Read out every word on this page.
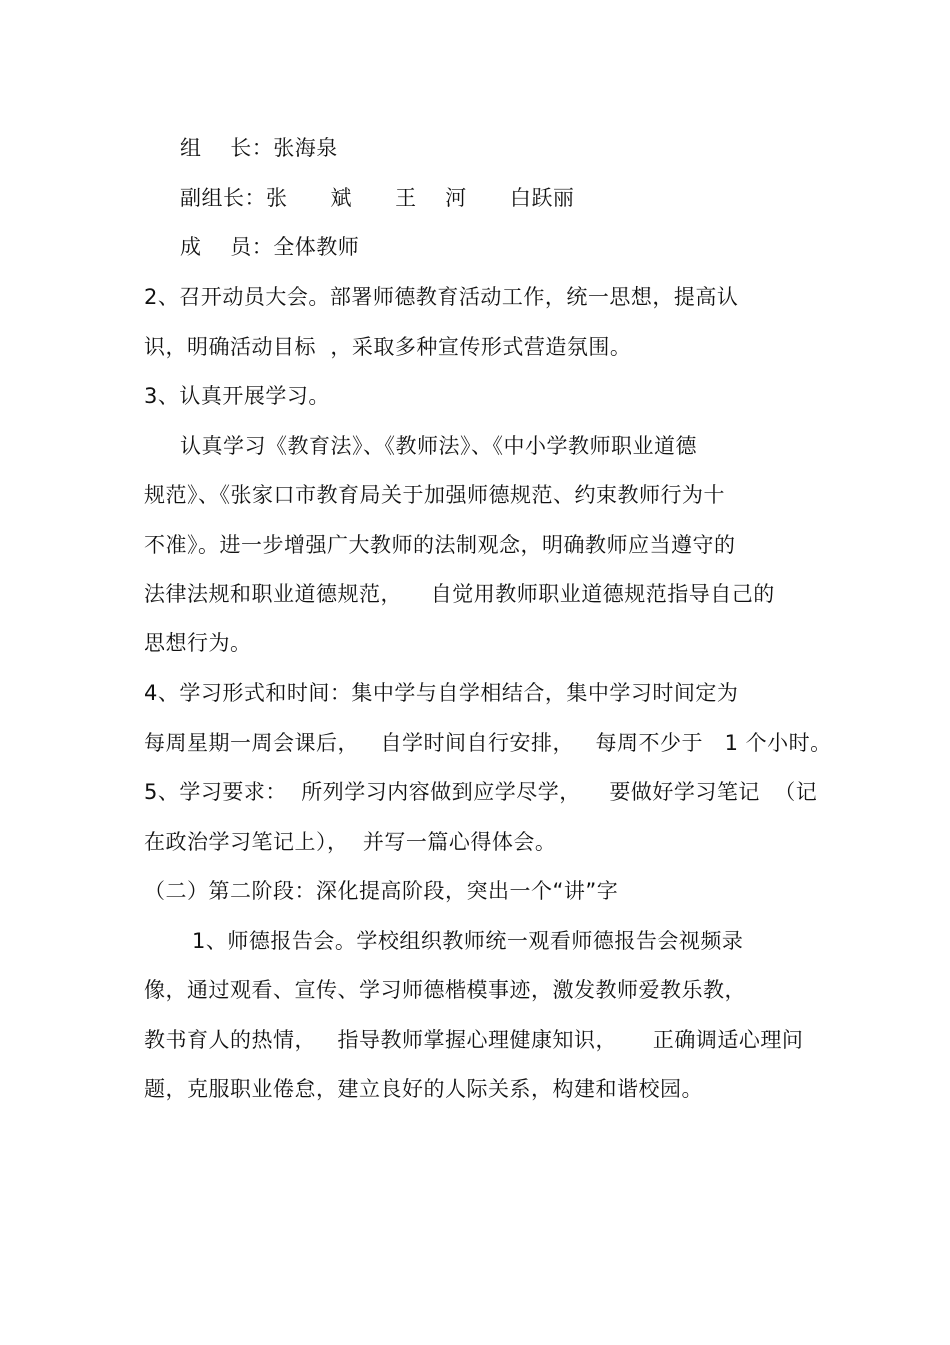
组    长：张海泉
副组长：张      斌      王    河      白跃丽
成    员：全体教师
2、召开动员大会。部署师德教育活动工作，统一思想，提高认
识，明确活动目标  ，采取多种宣传形式营造氛围。
3、认真开展学习。
认真学习《教育法》、《教师法》、《中小学教师职业道德
规范》、《张家口市教育局关于加强师德规范、约束教师行为十
不准》。进一步增强广大教师的法制观念，明确教师应当遵守的
法律法规和职业道德规范，    自觉用教师职业道德规范指导自己的
思想行为。
4、学习形式和时间：集中学与自学相结合，集中学习时间定为
每周星期一周会课后，   自学时间自行安排，   每周不少于   1 个小时。
5、学习要求：  所列学习内容做到应学尽学，    要做好学习笔记  （记
在政治学习笔记上），  并写一篇心得体会。
（二）第二阶段：深化提高阶段，突出一个“讲”字
1、师德报告会。学校组织教师统一观看师德报告会视频录
像，通过观看、宣传、学习师德楷模事迹，激发教师爱教乐教，
教书育人的热情，   指导教师掌握心理健康知识，     正确调适心理问
题，克服职业倦怠，建立良好的人际关系，构建和谐校园。
